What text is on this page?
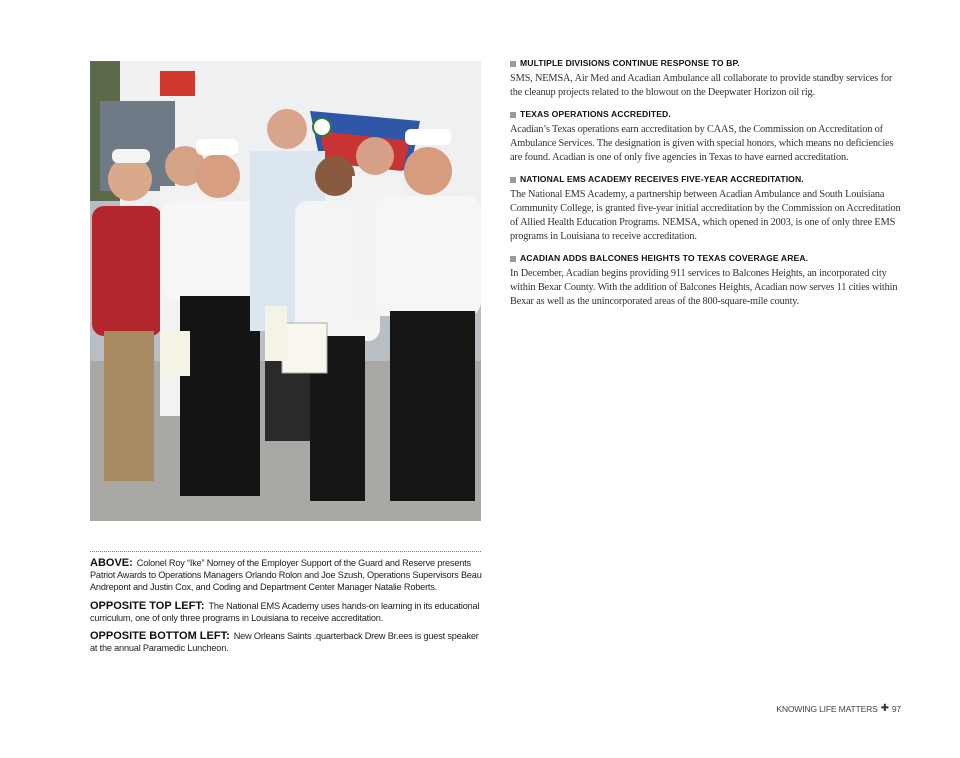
ABOVE: Colonel Roy “Ike” Nomey of the Employer Support of the Guard and Reserve presents Patriot Awards to Operations Managers Orlando Rolon and Joe Szush, Operations Supervisors Beau Andrepont and Justin Cox, and Coding and Department Center Manager Natalie Roberts.

OPPOSITE TOP LEFT: The National EMS Academy uses hands-on learning in its educational curriculum, one of only three programs in Louisiana to receive accreditation.

OPPOSITE BOTTOM LEFT: New Orleans Saints .quarterback Drew Br.ees is guest speaker at the annual Paramedic Luncheon.

MULTIPLE DIVISIONS CONTINUE RESPONSE TO BP.
SMS, NEMSA, Air Med and Acadian Ambulance all collaborate to provide standby services for the cleanup projects related to the blowout on the Deepwater Horizon oil rig.
TEXAS OPERATIONS ACCREDITED.
Acadian’s Texas operations earn accreditation by CAAS, the Commission on Accreditation of Ambulance Services. The designation is given with special honors, which means no deficiencies are found. Acadian is one of only five agencies in Texas to have earned accreditation.
NATIONAL EMS ACADEMY RECEIVES FIVE-YEAR ACCREDITATION.
The National EMS Academy, a partnership between Acadian Ambulance and South Louisiana Community College, is granted five-year initial accreditation by the Commission on Accreditation of Allied Health Education Programs. NEMSA, which opened in 2003, is one of only three EMS programs in Louisiana to receive accreditation.
ACADIAN ADDS BALCONES HEIGHTS TO TEXAS COVERAGE AREA.
In December, Acadian begins providing 911 services to Balcones Heights, an incorporated city within Bexar County. With the addition of Balcones Heights, Acadian now serves 11 cities within Bexar as well as the unincorporated areas of the 800-square-mile county.
KNOWING LIFE MATTERS ✚ 97
